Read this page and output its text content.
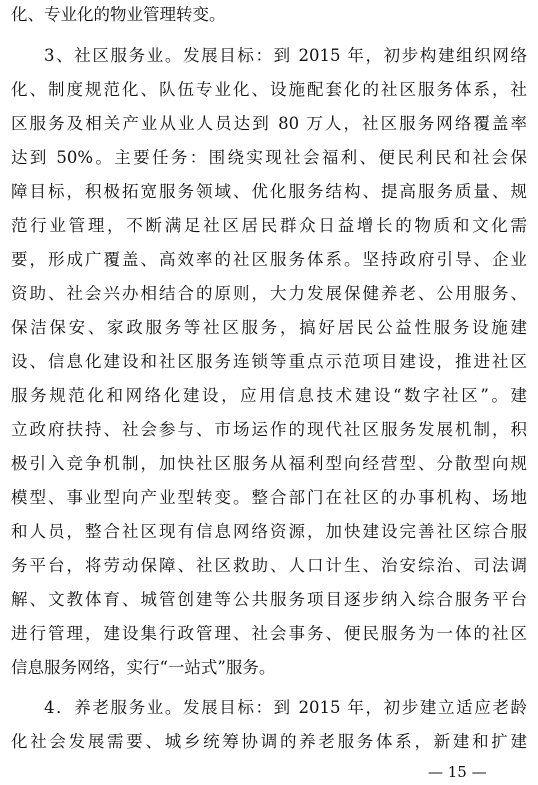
化、专业化的物业管理转变。
3、社区服务业。发展目标：到 2015 年，初步构建组织网络
化、制度规范化、队伍专业化、设施配套化的社区服务体系，社
区服务及相关产业从业人员达到 80 万人，社区服务网络覆盖率
达到 50%。主要任务：围绕实现社会福利、便民利民和社会保
障目标，积极拓宽服务领域、优化服务结构、提高服务质量、规
范行业管理，不断满足社区居民群众日益增长的物质和文化需
要，形成广覆盖、高效率的社区服务体系。坚持政府引导、企业
资助、社会兴办相结合的原则，大力发展保健养老、公用服务、
保洁保安、家政服务等社区服务，搞好居民公益性服务设施建
设、信息化建设和社区服务连锁等重点示范项目建设，推进社区
服务规范化和网络化建设，应用信息技术建设“数字社区”。建
立政府扶持、社会参与、市场运作的现代社区服务发展机制，积
极引入竞争机制，加快社区服务从福利型向经营型、分散型向规
模型、事业型向产业型转变。整合部门在社区的办事机构、场地
和人员，整合社区现有信息网络资源，加快建设完善社区综合服
务平台，将劳动保障、社区救助、人口计生、治安综治、司法调
解、文教体育、城管创建等公共服务项目逐步纳入综合服务平台
进行管理，建设集行政管理、社会事务、便民服务为一体的社区
信息服务网络，实行“一站式”服务。
4．养老服务业。发展目标：到 2015 年，初步建立适应老龄
化社会发展需要、城乡统筹协调的养老服务体系，新建和扩建
— 15 —
